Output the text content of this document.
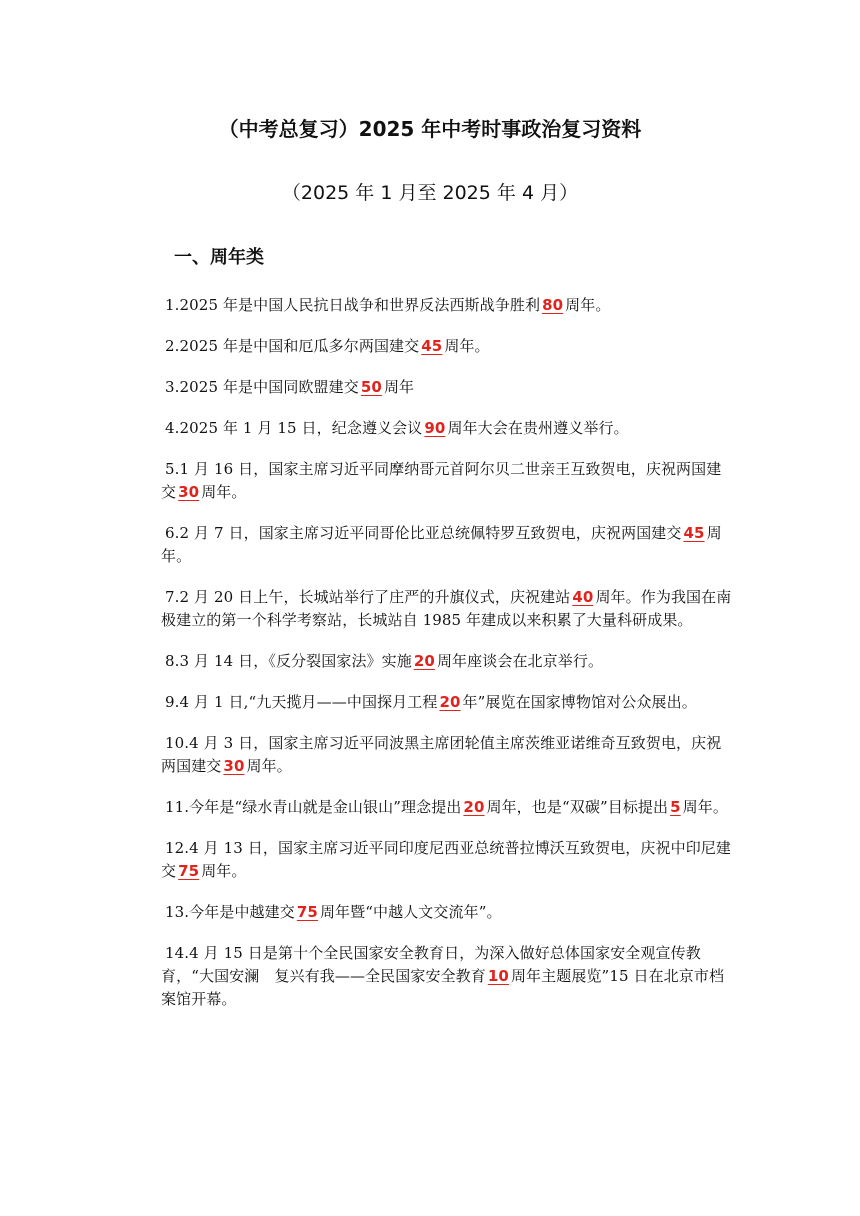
（中考总复习）2025 年中考时事政治复习资料
（2025 年 1 月至 2025 年 4 月）
一、周年类

1.2025 年是中国人民抗日战争和世界反法西斯战争胜利 80 周年。

2.2025 年是中国和厄瓜多尔两国建交 45 周年。

3.2025 年是中国同欧盟建交 50 周年

4.2025 年 1 月 15 日，纪念遵义会议 90 周年大会在贵州遵义举行。

5.1 月 16 日，国家主席习近平同摩纳哥元首阿尔贝二世亲王互致贺电，庆祝两国建交 30 周年。

6.2 月 7 日，国家主席习近平同哥伦比亚总统佩特罗互致贺电，庆祝两国建交 45 周年。

7.2 月 20 日上午，长城站举行了庄严的升旗仪式，庆祝建站 40 周年。作为我国在南极建立的第一个科学考察站，长城站自 1985 年建成以来积累了大量科研成果。

8.3 月 14 日，《反分裂国家法》实施 20 周年座谈会在北京举行。

9.4 月 1 日,“九天揽月——中国探月工程 20 年”展览在国家博物馆对公众展出。

10.4 月 3 日，国家主席习近平同波黑主席团轮值主席茨维亚诺维奇互致贺电，庆祝两国建交 30 周年。

11.今年是“绿水青山就是金山银山”理念提出 20 周年，也是“双碳”目标提出 5 周年。

12.4 月 13 日，国家主席习近平同印度尼西亚总统普拉博沃互致贺电，庆祝中印尼建交 75 周年。

13.今年是中越建交 75 周年暨“中越人文交流年”。

14.4 月 15 日是第十个全民国家安全教育日，为深入做好总体国家安全观宣传教育，“大国安澜　复兴有我——全民国家安全教育 10 周年主题展览”15 日在北京市档案馆开幕。
